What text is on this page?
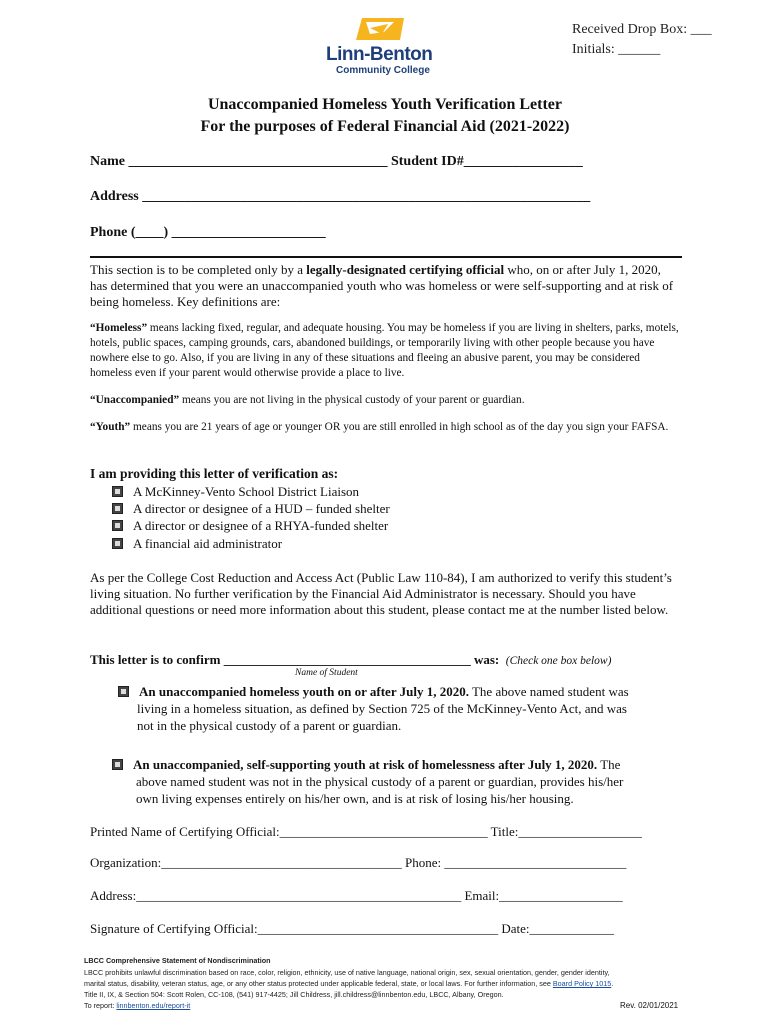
Linn-Benton
Community College
Received Drop Box: ___
Initials: ______
Unaccompanied Homeless Youth Verification Letter
For the purposes of Federal Financial Aid (2021-2022)
Name _____________________________________ Student ID#_________________
Address ________________________________________________________________
Phone (____) ______________________
This section is to be completed only by a legally-designated certifying official who, on or after July 1, 2020, has determined that you were an unaccompanied youth who was homeless or were self-supporting and at risk of being homeless. Key definitions are:
“Homeless” means lacking fixed, regular, and adequate housing. You may be homeless if you are living in shelters, parks, motels, hotels, public spaces, camping grounds, cars, abandoned buildings, or temporarily living with other people because you have nowhere else to go. Also, if you are living in any of these situations and fleeing an abusive parent, you may be considered homeless even if your parent would otherwise provide a place to live.
“Unaccompanied” means you are not living in the physical custody of your parent or guardian.
“Youth” means you are 21 years of age or younger OR you are still enrolled in high school as of the day you sign your FAFSA.
I am providing this letter of verification as:
A McKinney-Vento School District Liaison
A director or designee of a HUD – funded shelter
A director or designee of a RHYA-funded shelter
A financial aid administrator
As per the College Cost Reduction and Access Act (Public Law 110-84), I am authorized to verify this student’s living situation. No further verification by the Financial Aid Administrator is necessary. Should you have additional questions or need more information about this student, please contact me at the number listed below.
This letter is to confirm ______________________________________ was: (Check one box below)
Name of Student
An unaccompanied homeless youth on or after July 1, 2020. The above named student was
living in a homeless situation, as defined by Section 725 of the McKinney-Vento Act, and was
not in the physical custody of a parent or guardian.
An unaccompanied, self-supporting youth at risk of homelessness after July 1, 2020. The
above named student was not in the physical custody of a parent or guardian, provides his/her
own living expenses entirely on his/her own, and is at risk of losing his/her housing.
Printed Name of Certifying Official:________________________________ Title:___________________
Organization:_____________________________________ Phone: ____________________________
Address:__________________________________________________ Email:___________________
Signature of Certifying Official:_____________________________________ Date:_____________
LBCC Comprehensive Statement of Nondiscrimination
LBCC prohibits unlawful discrimination based on race, color, religion, ethnicity, use of native language, national origin, sex, sexual orientation, gender, gender identity,
marital status, disability, veteran status, age, or any other status protected under applicable federal, state, or local laws. For further information, see Board Policy 1015.
Title II, IX, & Section 504: Scott Rolen, CC-108, (541) 917-4425; Jill Childress, jill.childress@linnbenton.edu, LBCC, Albany, Oregon.
To report: linnbenton.edu/report-it	Rev. 02/01/2021
